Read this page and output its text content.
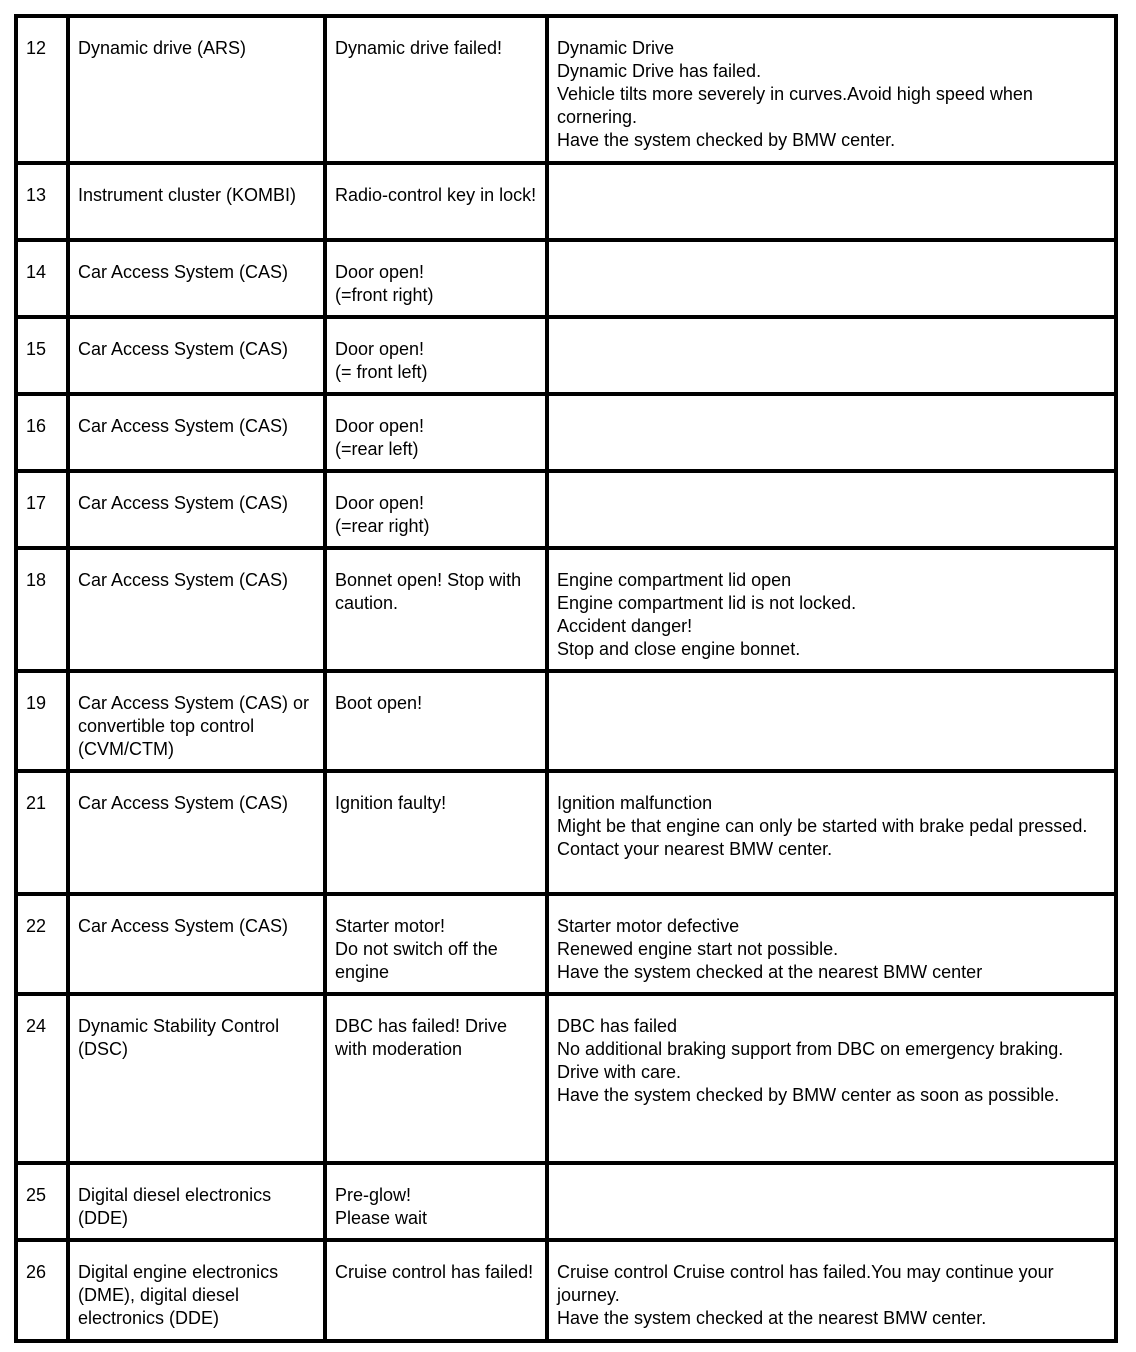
12	Dynamic drive (ARS)	Dynamic drive failed!	Dynamic Drive
Dynamic Drive has failed.
Vehicle tilts more severely in curves.Avoid high speed when cornering.
Have the system checked by BMW center.

13	Instrument cluster (KOMBI)	Radio-control key in lock!	

14	Car Access System (CAS)	Door open!
(=front right)	

15	Car Access System (CAS)	Door open!
(= front left)	

16	Car Access System (CAS)	Door open!
(=rear left)	

17	Car Access System (CAS)	Door open!
(=rear right)	

18	Car Access System (CAS)	Bonnet open! Stop with caution.	Engine compartment lid open
Engine compartment lid is not locked.
Accident danger!
Stop and close engine bonnet.

19	Car Access System (CAS) or convertible top control (CVM/CTM)	Boot open!	

21	Car Access System (CAS)	Ignition faulty!	Ignition malfunction
Might be that engine can only be started with brake pedal pressed.
Contact your nearest BMW center.

22	Car Access System (CAS)	Starter motor!
Do not switch off the engine	Starter motor defective
Renewed engine start not possible.
Have the system checked at the nearest BMW center

24	Dynamic Stability Control (DSC)	DBC has failed! Drive with moderation	DBC has failed
No additional braking support from DBC on emergency braking.
Drive with care.
Have the system checked by BMW center as soon as possible.

25	Digital diesel electronics (DDE)	Pre-glow!
Please wait	

26	Digital engine electronics (DME), digital diesel electronics (DDE)	Cruise control has failed!	Cruise control Cruise control has failed.You may continue your journey.
Have the system checked at the nearest BMW center.
